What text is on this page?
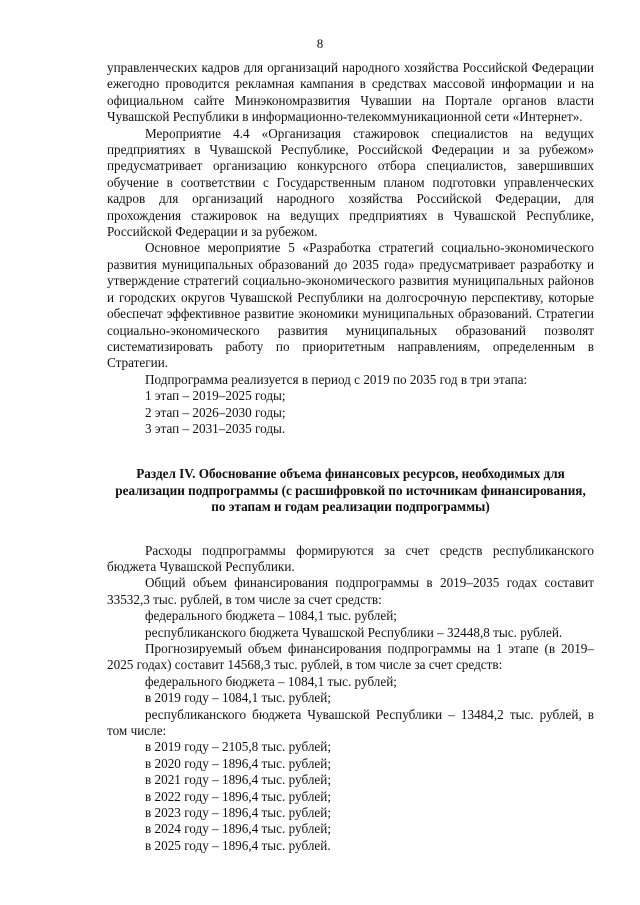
8

управленческих кадров для организаций народного хозяйства Российской Федерации ежегодно проводится рекламная кампания в средствах массовой информации и на официальном сайте Минэкономразвития Чувашии на Портале органов власти Чувашской Республики в информационно-телекоммуникационной сети «Интернет».

Мероприятие 4.4 «Организация стажировок специалистов на ведущих предприятиях в Чувашской Республике, Российской Федерации и за рубежом» предусматривает организацию конкурсного отбора специалистов, завершивших обучение в соответствии с Государственным планом подготовки управленческих кадров для организаций народного хозяйства Российской Федерации, для прохождения стажировок на ведущих предприятиях в Чувашской Республике, Российской Федерации и за рубежом.

Основное мероприятие 5 «Разработка стратегий социально-экономического развития муниципальных образований до 2035 года» предусматривает разработку и утверждение стратегий социально-экономического развития муниципальных районов и городских округов Чувашской Республики на долгосрочную перспективу, которые обеспечат эффективное развитие экономики муниципальных образований. Стратегии социально-экономического развития муниципальных образований позволят систематизировать работу по приоритетным направлениям, определенным в Стратегии.

Подпрограмма реализуется в период с 2019 по 2035 год в три этапа:

1 этап – 2019–2025 годы;

2 этап – 2026–2030 годы;

3 этап – 2031–2035 годы.

Раздел IV. Обоснование объема финансовых ресурсов, необходимых для реализации подпрограммы (с расшифровкой по источникам финансирования, по этапам и годам реализации подпрограммы)

Расходы подпрограммы формируются за счет средств республиканского бюджета Чувашской Республики.

Общий объем финансирования подпрограммы в 2019–2035 годах составит 33532,3 тыс. рублей, в том числе за счет средств:

федерального бюджета – 1084,1 тыс. рублей;

республиканского бюджета Чувашской Республики – 32448,8 тыс. рублей.

Прогнозируемый объем финансирования подпрограммы на 1 этапе (в 2019–2025 годах) составит 14568,3 тыс. рублей, в том числе за счет средств:

федерального бюджета – 1084,1 тыс. рублей;

в 2019 году – 1084,1 тыс. рублей;

республиканского бюджета Чувашской Республики – 13484,2 тыс. рублей, в том числе:

в 2019 году – 2105,8 тыс. рублей;

в 2020 году – 1896,4 тыс. рублей;

в 2021 году – 1896,4 тыс. рублей;

в 2022 году – 1896,4 тыс. рублей;

в 2023 году – 1896,4 тыс. рублей;

в 2024 году – 1896,4 тыс. рублей;

в 2025 году – 1896,4 тыс. рублей.
